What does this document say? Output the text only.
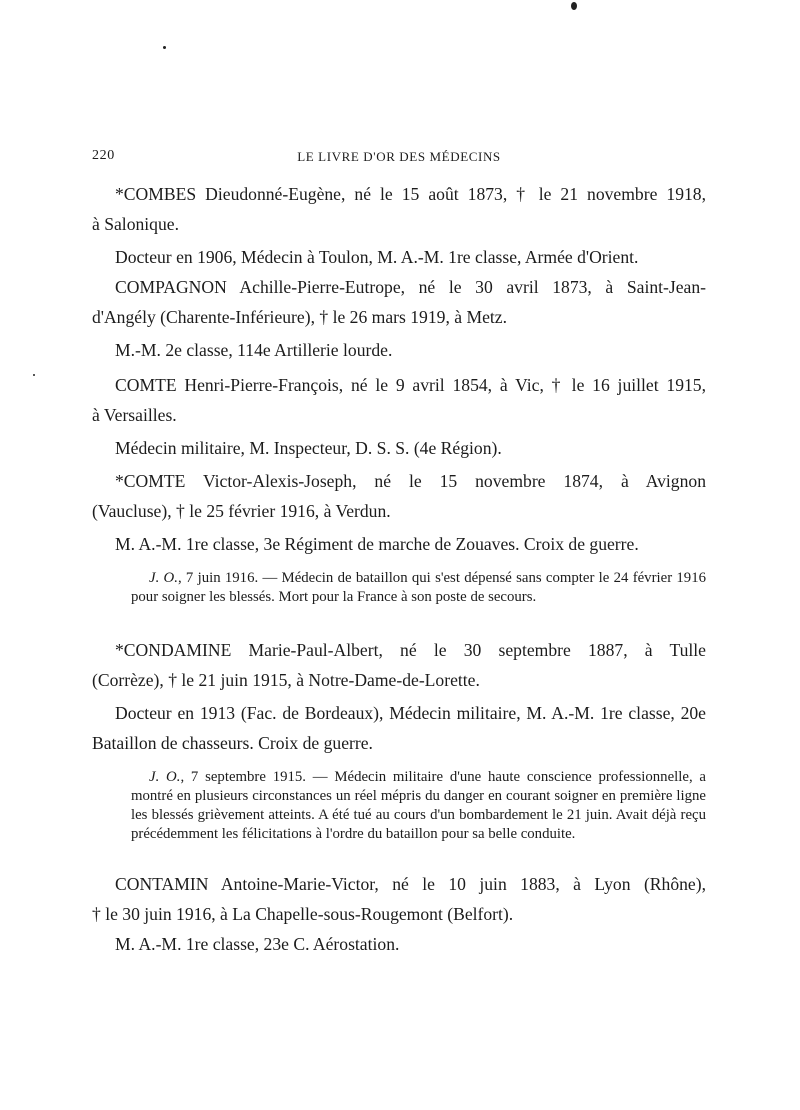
220	LE LIVRE D'OR DES MÉDECINS

*COMBES Dieudonné-Eugène, né le 15 août 1873, † le 21 novembre 1918,

à Salonique.

Docteur en 1906, Médecin à Toulon, M. A.-M. 1re classe, Armée d'Orient.

COMPAGNON Achille-Pierre-Eutrope, né le 30 avril 1873, à Saint-Jean-

d'Angély (Charente-Inférieure), † le 26 mars 1919, à Metz.

M.-M. 2e classe, 114e Artillerie lourde.

COMTE Henri-Pierre-François, né le 9 avril 1854, à Vic, † le 16 juillet 1915,

à Versailles.

Médecin militaire, M. Inspecteur, D. S. S. (4e Région).

*COMTE Victor-Alexis-Joseph, né le 15 novembre 1874, à Avignon

(Vaucluse), † le 25 février 1916, à Verdun.

M. A.-M. 1re classe, 3e Régiment de marche de Zouaves. Croix de guerre.

J. O., 7 juin 1916. — Médecin de bataillon qui s'est dépensé sans compter le 24 février 1916 pour soigner les blessés. Mort pour la France à son poste de secours.

*CONDAMINE Marie-Paul-Albert, né le 30 septembre 1887, à Tulle

(Corrèze), † le 21 juin 1915, à Notre-Dame-de-Lorette.

Docteur en 1913 (Fac. de Bordeaux), Médecin militaire, M. A.-M. 1re classe, 20e Bataillon de chasseurs. Croix de guerre.

J. O., 7 septembre 1915. — Médecin militaire d'une haute conscience professionnelle, a montré en plusieurs circonstances un réel mépris du danger en courant soigner en première ligne les blessés grièvement atteints. A été tué au cours d'un bombardement le 21 juin. Avait déjà reçu précédemment les félicitations à l'ordre du bataillon pour sa belle conduite.

CONTAMIN Antoine-Marie-Victor, né le 10 juin 1883, à Lyon (Rhône),

† le 30 juin 1916, à La Chapelle-sous-Rougemont (Belfort).

M. A.-M. 1re classe, 23e C. Aérostation.
